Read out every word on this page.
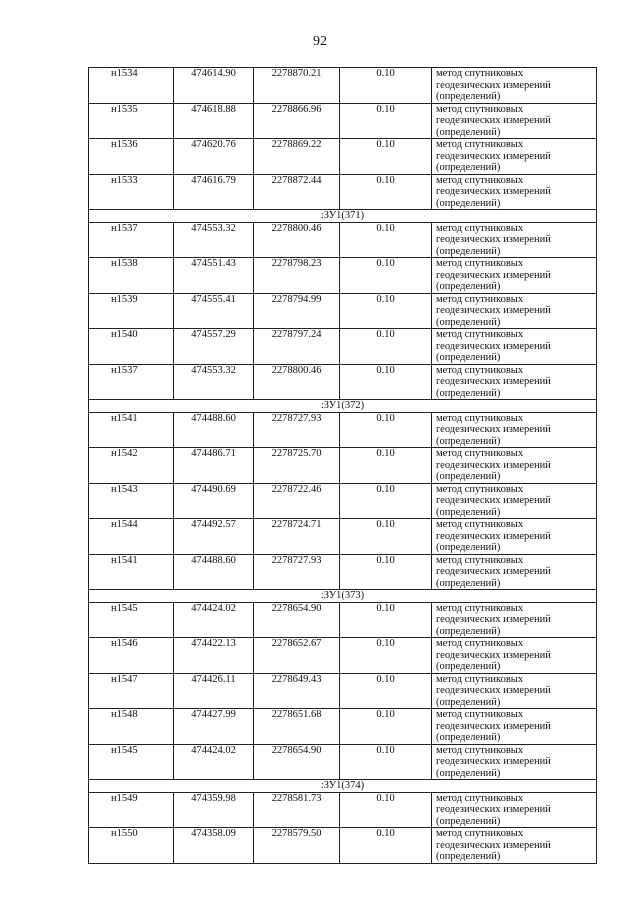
92
н1534	474614.90	2278870.21	0.10	метод спутниковых
геодезических измерений
(определений)

н1535	474618.88	2278866.96	0.10	метод спутниковых
геодезических измерений
(определений)

н1536	474620.76	2278869.22	0.10	метод спутниковых
геодезических измерений
(определений)

н1533	474616.79	2278872.44	0.10	метод спутниковых
геодезических измерений
(определений)

:ЗУ1(371)				
н1537	474553.32	2278800.46	0.10	метод спутниковых
геодезических измерений
(определений)

н1538	474551.43	2278798.23	0.10	метод спутниковых
геодезических измерений
(определений)

н1539	474555.41	2278794.99	0.10	метод спутниковых
геодезических измерений
(определений)

н1540	474557.29	2278797.24	0.10	метод спутниковых
геодезических измерений
(определений)

н1537	474553.32	2278800.46	0.10	метод спутниковых
геодезических измерений
(определений)

:ЗУ1(372)				
н1541	474488.60	2278727.93	0.10	метод спутниковых
геодезических измерений
(определений)

н1542	474486.71	2278725.70	0.10	метод спутниковых
геодезических измерений
(определений)

н1543	474490.69	2278722.46	0.10	метод спутниковых
геодезических измерений
(определений)

н1544	474492.57	2278724.71	0.10	метод спутниковых
геодезических измерений
(определений)

н1541	474488.60	2278727.93	0.10	метод спутниковых
геодезических измерений
(определений)

:ЗУ1(373)				
н1545	474424.02	2278654.90	0.10	метод спутниковых
геодезических измерений
(определений)

н1546	474422.13	2278652.67	0.10	метод спутниковых
геодезических измерений
(определений)

н1547	474426.11	2278649.43	0.10	метод спутниковых
геодезических измерений
(определений)

н1548	474427.99	2278651.68	0.10	метод спутниковых
геодезических измерений
(определений)

н1545	474424.02	2278654.90	0.10	метод спутниковых
геодезических измерений
(определений)

:ЗУ1(374)				
н1549	474359.98	2278581.73	0.10	метод спутниковых
геодезических измерений
(определений)

н1550	474358.09	2278579.50	0.10	метод спутниковых
геодезических измерений
(определений)
